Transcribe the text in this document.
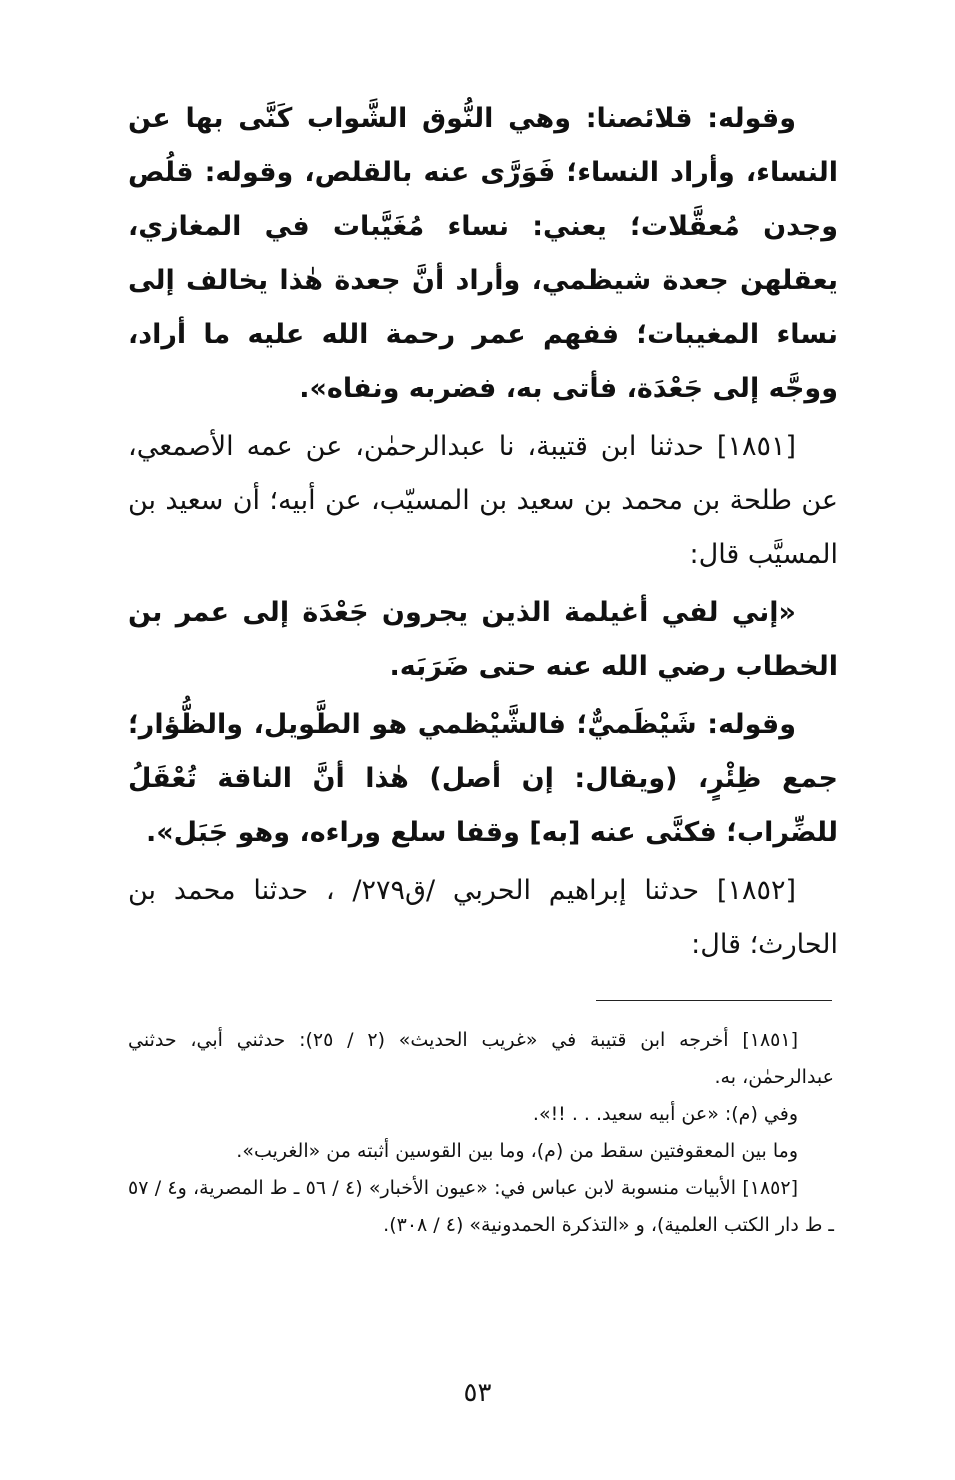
وقوله: قلائصنا: وهي النُّوق الشَّواب كَنَّى بها عن النساء، وأراد النساء؛ فَوَرَّى عنه بالقلص، وقوله: قلُص وجدن مُعقَّلات؛ يعني: نساء مُغَيَّبات في المغازي، يعقلهن جعدة شيظمي، وأراد أنَّ جعدة هٰذا يخالف إلى نساء المغيبات؛ ففهم عمر رحمة الله عليه ما أراد، ووجَّه إلى جَعْدَة، فأتى به، فضربه ونفاه».

[١٨٥١] حدثنا ابن قتيبة، نا عبدالرحمٰن، عن عمه الأصمعي، عن طلحة بن محمد بن سعيد بن المسيّب، عن أبيه؛ أن سعيد بن المسيَّب قال:

«إني لفي أغيلمة الذين يجرون جَعْدَة إلى عمر بن الخطاب رضي الله عنه حتى ضَرَبَه.

وقوله: شَيْظَميٌّ؛ فالشَّيْظمي هو الطَّويل، والظُّؤار؛ جمع ظِئْرٍ، (ويقال: إن أصل) هٰذا أنَّ الناقة تُعْقَلُ للضِّراب؛ فكنَّى عنه [به] وقفا سلع وراءه، وهو جَبَل».

[١٨٥٢] حدثنا إبراهيم الحربي /ق٢٧٩/ ، حدثنا محمد بن الحارث؛ قال:

[١٨٥١] أخرجه ابن قتيبة في «غريب الحديث» (٢ / ٢٥): حدثني أبي، حدثني عبدالرحمٰن، به.

وفي (م): «عن أبيه سعيد. . . !!».

وما بين المعقوفتين سقط من (م)، وما بين القوسين أثبته من «الغريب».

[١٨٥٢] الأبيات منسوبة لابن عباس في: «عيون الأخبار» (٤ / ٥٦ ـ ط المصرية، و٤ / ٥٧ ـ ط دار الكتب العلمية)، و «التذكرة الحمدونية» (٤ / ٣٠٨).

٥٣
